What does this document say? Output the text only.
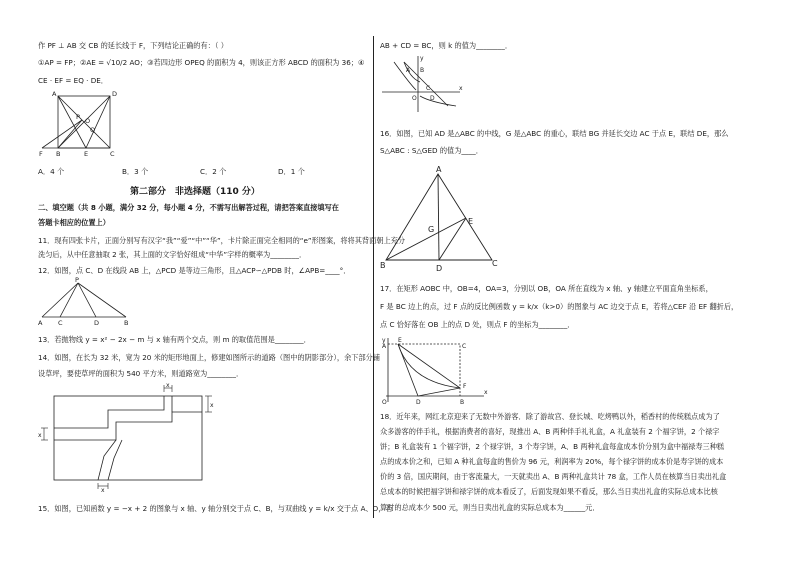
作 PF ⊥ AB 交 CB 的延长线于 F，下列结论正确的有：（ ）
①AP = FP；②AE = √10/2 AO；③若四边形 OPEQ 的面积为 4，则该正方形 ABCD 的面积为 36；④
CE · EF = EQ · DE．
A	D
O
P
Q
F B	E	C
A．4 个	B．3 个	C．2 个	D．1 个
第二部分　非选择题（110 分）
二、填空题（共 8 小题，满分 32 分，每小题 4 分，不需写出解答过程，请把答案直接填写在
答题卡相应的位置上）
11．现有四张卡片，正面分别写有汉字“我”“爱”“中”“华”，卡片除正面完全相同的“e”形图案，将将其背面朝上充分
洗匀后，从中任意抽取 2 张，其上面的文字恰好组成“中华”字样的概率为________．
12．如图，点 C、D 在线段 AB 上，△PCD 是等边三角形，且△ACP∽△PDB 时，∠APB=____°．
P
A C	D	B
13．若抛物线 y = x² − 2x − m 与 x 轴有两个交点，则 m 的取值范围是________．
14．如图，在长为 32 米，宽为 20 米的矩形地面上，修建如图所示的道路（图中的阴影部分），余下部分铺
设草坪，要使草坪的面积为 540 平方米，则道路宽为________．
x
x
x
x
15．如图，已知函数 y = −x + 2 的图象与 x 轴、y 轴分别交于点 C、B，与双曲线 y = k/x 交于点 A、D，若
AB + CD = BC，则 k 的值为________．
y
x
O
A B
C
D
16．如图，已知 AD 是△ABC 的中线，G 是△ABC 的重心，联结 BG 并延长交边 AC 于点 E，联结 DE，那么
S△ABC : S△GED 的值为____．
A
B	C
D
E
G
17．在矩形 AOBC 中，OB=4，OA=3，分别以 OB，OA 所在直线为 x 轴、y 轴建立平面直角坐标系，
F 是 BC 边上的点，过 F 点的反比例函数 y = k/x（k>0）的图象与 AC 边交于点 E，若将△CEF 沿 EF 翻折后，
点 C 恰好落在 OB 上的点 D 处，则点 F 的坐标为________．
y
x
O
A
E
C
B
F
D
18．近年来，网红北京迎来了无数中外游客．除了游故宫、登长城、吃烤鸭以外，稻香村的传统糕点成为了
众多游客的伴手礼，根据消费者的喜好，现推出 A、B 两种伴手礼礼盒，A 礼盒装有 2 个福字饼，2 个禄字
饼；B 礼盒装有 1 个福字饼，2 个禄字饼，3 个寿字饼，A、B 两种礼盒每盒成本价分别为盒中福禄寿三种糕
点的成本价之和，已知 A 种礼盒每盒的售价为 96 元，利润率为 20%，每个禄字饼的成本价是寿字饼的成本
价的 3 倍，国庆期间，由于客流量大，一天就卖出 A、B 两种礼盒共计 78 盒，工作人员在核算当日卖出礼盒
总成本的时候把福字饼和禄字饼的成本看反了，后面发现如果不看反，那么当日卖出礼盒的实际总成本比核
算时的总成本少 500 元，则当日卖出礼盒的实际总成本为______元．
